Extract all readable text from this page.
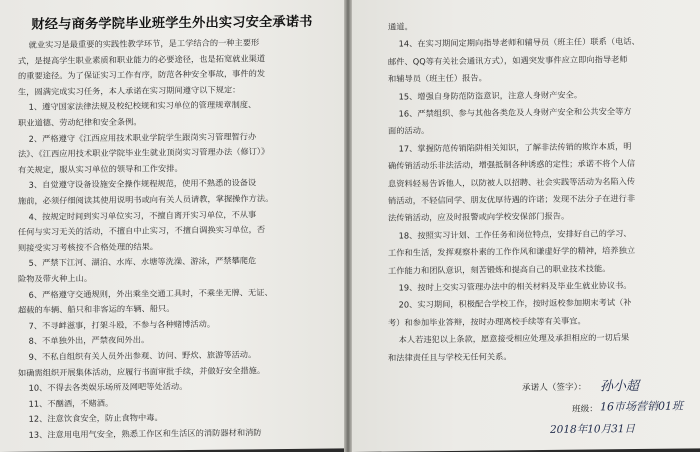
财经与商务学院毕业班学生外出实习安全承诺书
就业实习是最重要的实践性教学环节，是工学结合的一种主要形
式，是提高学生职业素质和职业能力的必要途径，也是拓宽就业渠道
的重要途径。为了保证实习工作有序，防范各种安全事故，事件的发
生，圆满完成实习任务，本人承诺在实习期间遵守以下规定：
1、遵守国家法律法规及校纪校规和实习单位的管理规章制度、
职业道德、劳动纪律和安全条例。
2、严格遵守《江西应用技术职业学院学生跟岗实习管理暂行办
法》、《江西应用技术职业学院毕业生就业顶岗实习管理办法（修订）》
有关规定，服从实习单位的领导和工作安排。
3、自觉遵守设备设施安全操作规程规范，使用不熟悉的设备设
施前，必须仔细阅读其使用说明书或向有关人员请教，掌握操作方法。
4、按规定时间到实习单位实习，不擅自离开实习单位，不从事
任何与实习无关的活动，不擅自中止实习，不擅自调换实习单位，否
则接受实习考核按不合格处理的结果。
5、严禁下江河、湖泊、水库、水塘等洗澡、游泳，严禁攀爬危
险物及带火种上山。
6、严格遵守交通规则，外出乘坐交通工具时，不乘坐无牌、无证、
超载的车辆、船只和非客运的车辆、船只。
7、不寻衅滋事，打架斗殴，不参与各种赌博活动。
8、不单独外出，严禁夜间外出。
9、不私自组织有关人员外出参观、访问、野炊、旅游等活动。
如确需组织开展集体活动，应履行书面审批手续，并做好安全措施。
10、不得去各类娱乐场所及网吧等处活动。
11、不酗酒，不赌酒。
12、注意饮食安全，防止食物中毒。
13、注意用电用气安全，熟悉工作区和生活区的消防器材和消防
通道。
14、在实习期间定期向指导老师和辅导员（班主任）联系（电话、
邮件、QQ等有关社会通讯方式），如遇突发事件应立即向指导老师
和辅导员（班主任）报告。
15、增强自身防范防盗意识，注意人身财产安全。
16、严禁组织、参与其他各类危及人身财产安全和公共安全等方
面的活动。
17、掌握防范传销陷阱相关知识，了解非法传销的欺诈本质，明
确传销活动乐非法活动，增强抵制各种诱惑的定性；承诺不将个人信
息资料轻易告诉他人，以防被人以招聘、社会实践等活动为名陷入传
销活动，不轻信同学、朋友优厚待遇的许诺；发现不法分子在进行非
法传销活动，应及时报警或向学校安保部门报告。
18、按照实习计划、工作任务和岗位特点，安排好自己的学习、
工作和生活，发挥观察朴素的工作作风和谦虚好学的精神，培养独立
工作能力和团队意识，刻苦锻炼和提高自己的职业技术技能。
19、按时上交实习管理办法中的相关材料及毕业生就业协议书。
20、实习期间，积极配合学校工作，按时返校参加期末考试（补
考）和参加毕业答辩，按时办理离校手续等有关事宜。
本人若违犯以上条款，愿意接受相应处理及承担相应的一切后果
和法律责任且与学校无任何关系。
承诺人（签字）： 孙小超
班级： 16市场营销01班
2018年10月31日
